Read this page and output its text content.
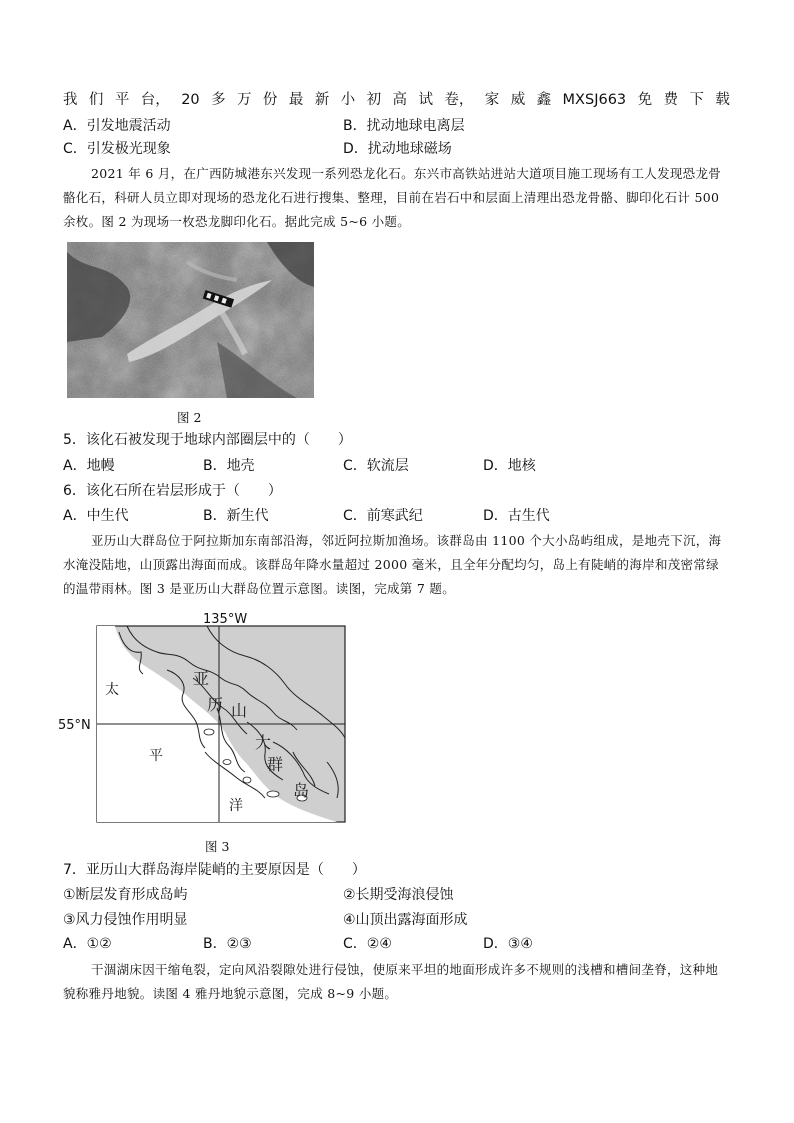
我 们 平 台， 20 多 万 份 最 新 小 初 高 试 卷， 家 威 鑫 MXSJ663 免 费 下 载
A．引发地震活动	B．扰动地球电离层
C．引发极光现象	D．扰动地球磁场
2021 年 6 月，在广西防城港东兴发现一系列恐龙化石。东兴市高铁站进站大道项目施工现场有工人发现恐龙骨骼化石，科研人员立即对现场的恐龙化石进行搜集、整理，目前在岩石中和层面上清理出恐龙骨骼、脚印化石计 500 余枚。图 2 为现场一枚恐龙脚印化石。据此完成 5~6 小题。
图 2
5．该化石被发现于地球内部圈层中的（　　）
A．地幔	B．地壳	C．软流层	D．地核
6．该化石所在岩层形成于（　　）
A．中生代	B．新生代	C．前寒武纪	D．古生代
亚历山大群岛位于阿拉斯加东南部沿海，邻近阿拉斯加渔场。该群岛由 1100 个大小岛屿组成，是地壳下沉，海水淹没陆地，山顶露出海面而成。该群岛年降水量超过 2000 毫米，且全年分配均匀，岛上有陡峭的海岸和茂密常绿的温带雨林。图 3 是亚历山大群岛位置示意图。读图，完成第 7 题。
135°W
55°N
太
平
洋
亚
历 山
大
群
岛
图 3
7．亚历山大群岛海岸陡峭的主要原因是（　　）
①断层发育形成岛屿	②长期受海浪侵蚀
③风力侵蚀作用明显	④山顶出露海面形成
A．①②	B．②③	C．②④	D．③④
干涸湖床因干缩龟裂，定向风沿裂隙处进行侵蚀，使原来平坦的地面形成许多不规则的浅槽和槽间垄脊，这种地貌称雅丹地貌。读图 4 雅丹地貌示意图，完成 8~9 小题。
